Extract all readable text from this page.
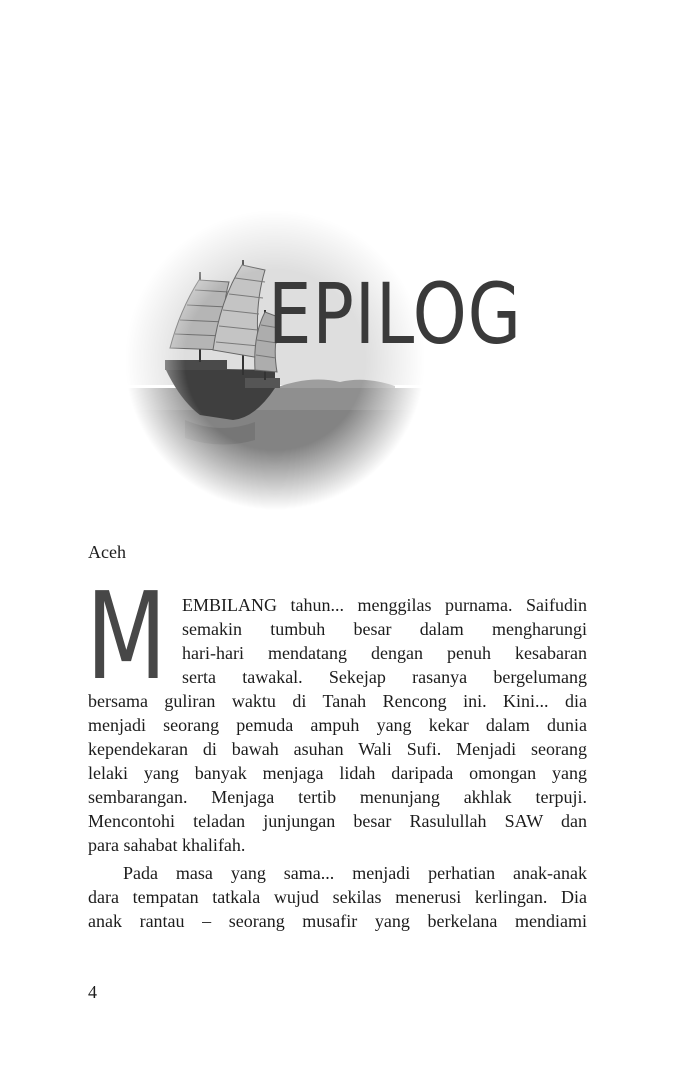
EPILOG
Aceh
M EMBILANG tahun... menggilas purnama. Saifudin
semakin tumbuh besar dalam mengharungi
hari-hari mendatang dengan penuh kesabaran
serta tawakal. Sekejap rasanya bergelumang
bersama guliran waktu di Tanah Rencong ini. Kini... dia
menjadi seorang pemuda ampuh yang kekar dalam dunia
kependekaran di bawah asuhan Wali Sufi. Menjadi seorang
lelaki yang banyak menjaga lidah daripada omongan yang
sembarangan. Menjaga tertib menunjang akhlak terpuji.
Mencontohi teladan junjungan besar Rasulullah SAW dan
para sahabat khalifah.
Pada masa yang sama... menjadi perhatian anak-anak
dara tempatan tatkala wujud sekilas menerusi kerlingan. Dia
anak rantau – seorang musafir yang berkelana mendiami
4
